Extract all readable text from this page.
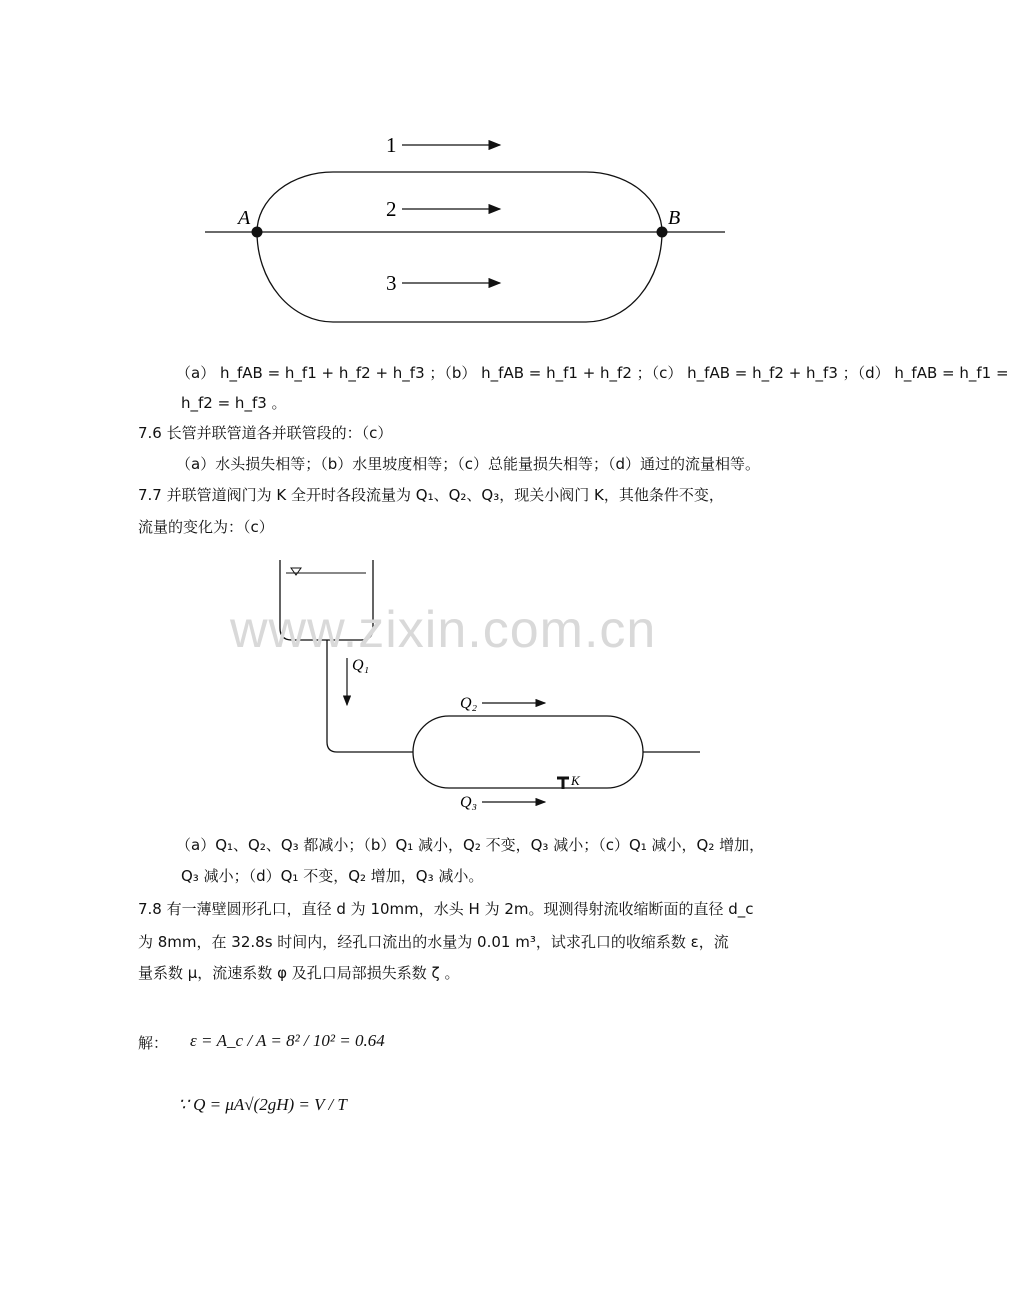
A	B
1
2
3
（a） h_fAB = h_f1 + h_f2 + h_f3 ；（b） h_fAB = h_f1 + h_f2 ；（c） h_fAB = h_f2 + h_f3 ；（d） h_fAB = h_f1 =
h_f2 = h_f3 。
7.6 长管并联管道各并联管段的：（c）
（a）水头损失相等；（b）水里坡度相等；（c）总能量损失相等；（d）通过的流量相等。
7.7 并联管道阀门为 K 全开时各段流量为 Q₁、Q₂、Q₃，现关小阀门 K，其他条件不变，
流量的变化为：（c）
Q₁
Q₂
Q₃
K
www.zixin.com.cn
（a）Q₁、Q₂、Q₃ 都减小；（b）Q₁ 减小，Q₂ 不变，Q₃ 减小；（c）Q₁ 减小，Q₂ 增加，
Q₃ 减小；（d）Q₁ 不变，Q₂ 增加，Q₃ 减小。
7.8 有一薄壁圆形孔口，直径 d 为 10mm，水头 H 为 2m。现测得射流收缩断面的直径 d_c
为 8mm，在 32.8s 时间内，经孔口流出的水量为 0.01 m³，试求孔口的收缩系数 ε，流
量系数 μ，流速系数 φ 及孔口局部损失系数 ζ 。
解： ε = A_c / A = 8² / 10² = 0.64
∵ Q = μA√(2gH) = V / T
